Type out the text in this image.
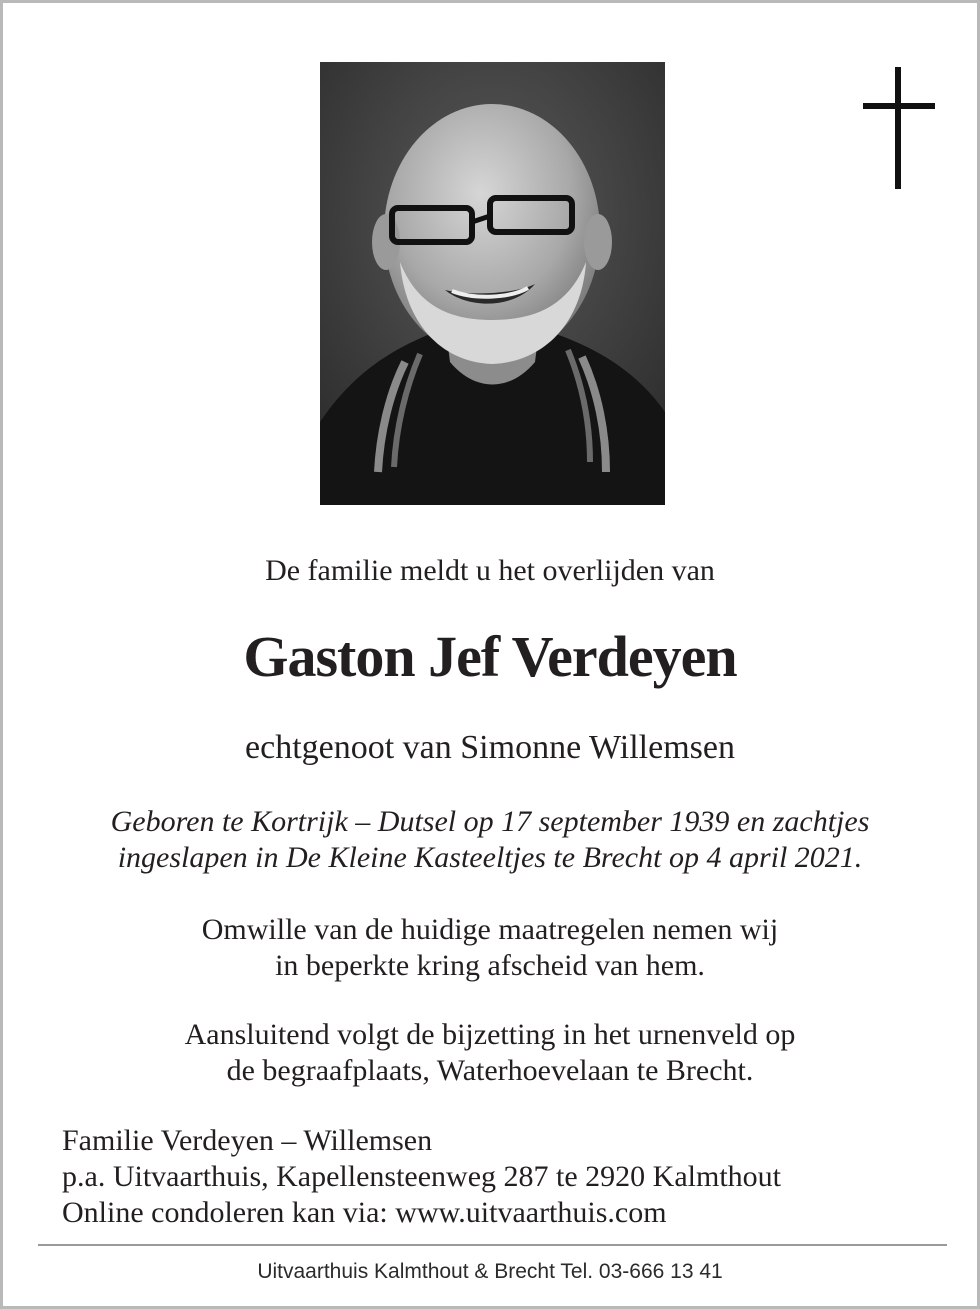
De familie meldt u het overlijden van
Gaston Jef Verdeyen
echtgenoot van Simonne Willemsen
Geboren te Kortrijk – Dutsel op 17 september 1939 en zachtjes
ingeslapen in De Kleine Kasteeltjes te Brecht op 4 april 2021.
Omwille van de huidige maatregelen nemen wij
in beperkte kring afscheid van hem.
Aansluitend volgt de bijzetting in het urnenveld op
de begraafplaats, Waterhoevelaan te Brecht.
Familie Verdeyen – Willemsen
p.a. Uitvaarthuis, Kapellensteenweg 287 te 2920 Kalmthout
Online condoleren kan via: www.uitvaarthuis.com
Uitvaarthuis Kalmthout & Brecht Tel. 03-666 13 41
